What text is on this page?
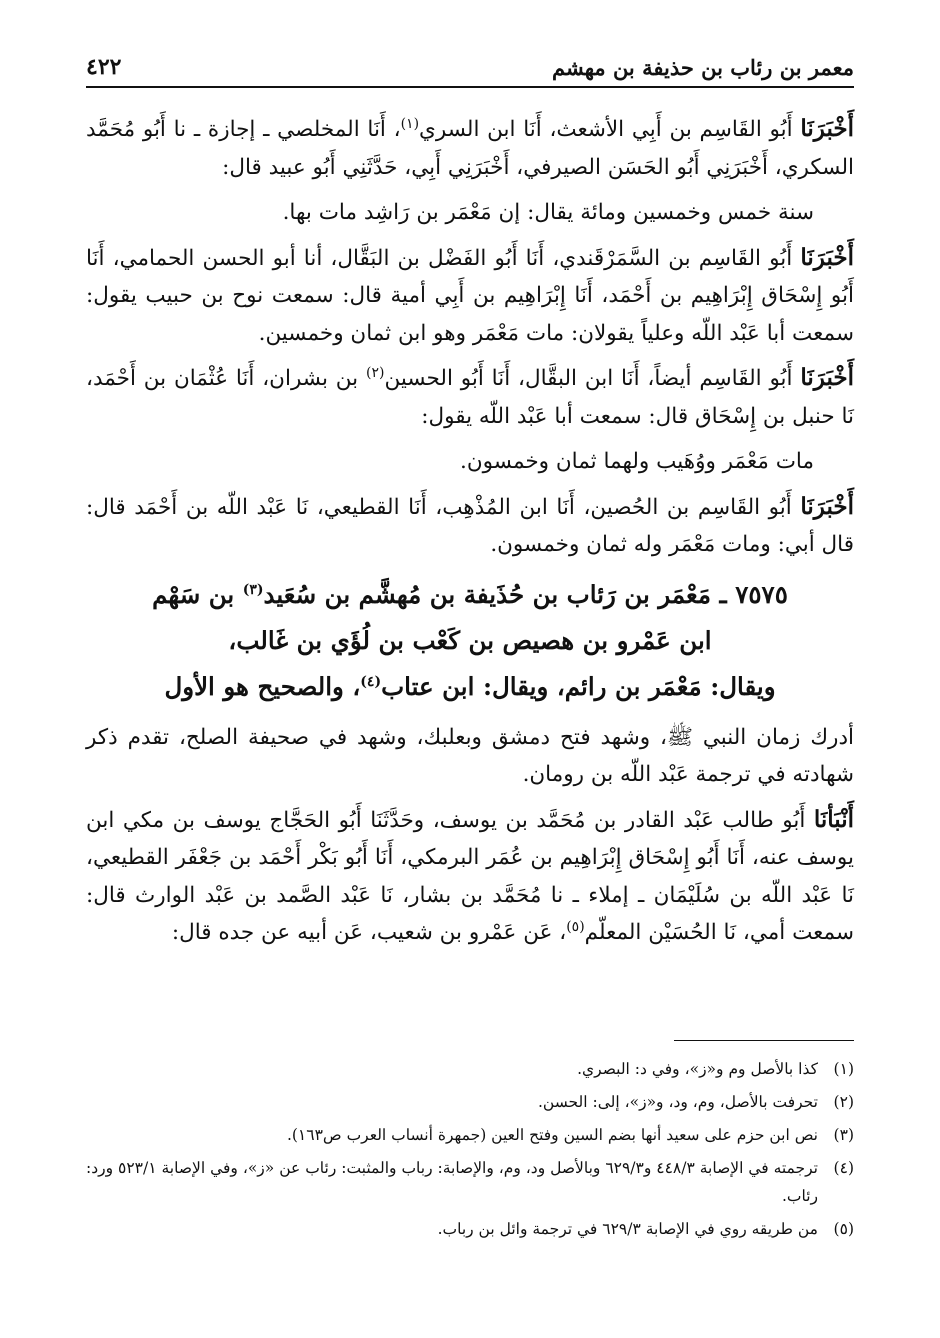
معمر بن رئاب بن حذيفة بن مهشم
٤٢٢

أَخْبَرَنَا أَبُو القَاسِم بن أَبِي الأشعث، أَنَا ابن السري$^{(١)}$، أَنَا المخلصي ـ إجازة ـ نا أَبُو مُحَمَّد السكري، أَخْبَرَنِي أَبُو الحَسَن الصيرفي، أَخْبَرَنِي أَبِي، حَدَّثَنِي أَبُو عبيد قال:

سنة خمس وخمسين ومائة يقال: إن مَعْمَر بن رَاشِد مات بها.

أَخْبَرَنَا أَبُو القَاسِم بن السَّمَرْقَندي، أَنَا أَبُو الفَضْل بن البَقَّال، أنا أبو الحسن الحمامي، أَنَا أَبُو إِسْحَاق إِبْرَاهِيم بن أَحْمَد، أَنَا إِبْرَاهِيم بن أَبِي أمية قال: سمعت نوح بن حبيب يقول: سمعت أبا عَبْد اللّه وعلياً يقولان: مات مَعْمَر وهو ابن ثمان وخمسين.

أَخْبَرَنَا أَبُو القَاسِم أيضاً، أَنَا ابن البقَّال، أَنَا أَبُو الحسين$^{(٢)}$ بن بشران، أَنَا عُثْمَان بن أَحْمَد، نَا حنبل بن إِسْحَاق قال: سمعت أبا عَبْد اللّه يقول:

مات مَعْمَر ووُهَيب ولهما ثمان وخمسون.

أَخْبَرَنَا أَبُو القَاسِم بن الحُصين، أَنَا ابن المُذْهِب، أَنَا القطيعي، نَا عَبْد اللّه بن أَحْمَد قال: قال أبي: ومات مَعْمَر وله ثمان وخمسون.

٧٥٧٥ ـ مَعْمَر بن رَئاب بن حُذَيفة بن مُهشَّم بن سُعَيد$^{(٣)}$ بن سَهْم
ابن عَمْرو بن هصيص بن كَعْب بن لُؤَي بن غَالب،
ويقال: مَعْمَر بن رائم، ويقال: ابن عتاب$^{(٤)}$، والصحيح هو الأول

أدرك زمان النبي ﷺ، وشهد فتح دمشق وبعلبك، وشهد في صحيفة الصلح، تقدم ذكر شهادته في ترجمة عَبْد اللّه بن رومان.

أَنْبَأنَا أَبُو طالب عَبْد القادر بن مُحَمَّد بن يوسف، وحَدَّثَنَا أَبُو الحَجَّاج يوسف بن مكي ابن يوسف عنه، أَنَا أَبُو إِسْحَاق إِبْرَاهِيم بن عُمَر البرمكي، أَنَا أَبُو بَكْر أَحْمَد بن جَعْفَر القطيعي، نَا عَبْد اللّه بن سُلَيْمَان ـ إملاء ـ نا مُحَمَّد بن بشار، نَا عَبْد الصَّمد بن عَبْد الوارث قال: سمعت أمي، نَا الحُسَيْن المعلّم$^{(٥)}$، عَن عَمْرو بن شعيب، عَن أبيه عن جده قال:

(١)
كذا بالأصل وم و«ز»، وفي د: البصري.
(٢)
تحرفت بالأصل، وم، ود، و«ز»، إلى: الحسن.
(٣)
نص ابن حزم على سعيد أنها بضم السين وفتح العين (جمهرة أنساب العرب ص١٦٣).
(٤)
ترجمته في الإصابة ٤٤٨/٣ و٦٢٩/٣ وبالأصل ود، وم، والإصابة: رباب والمثبت: رئاب عن «ز»، وفي الإصابة ٥٢٣/١ ورد: رئاب.
(٥)
من طريقه روي في الإصابة ٦٢٩/٣ في ترجمة وائل بن رباب.
